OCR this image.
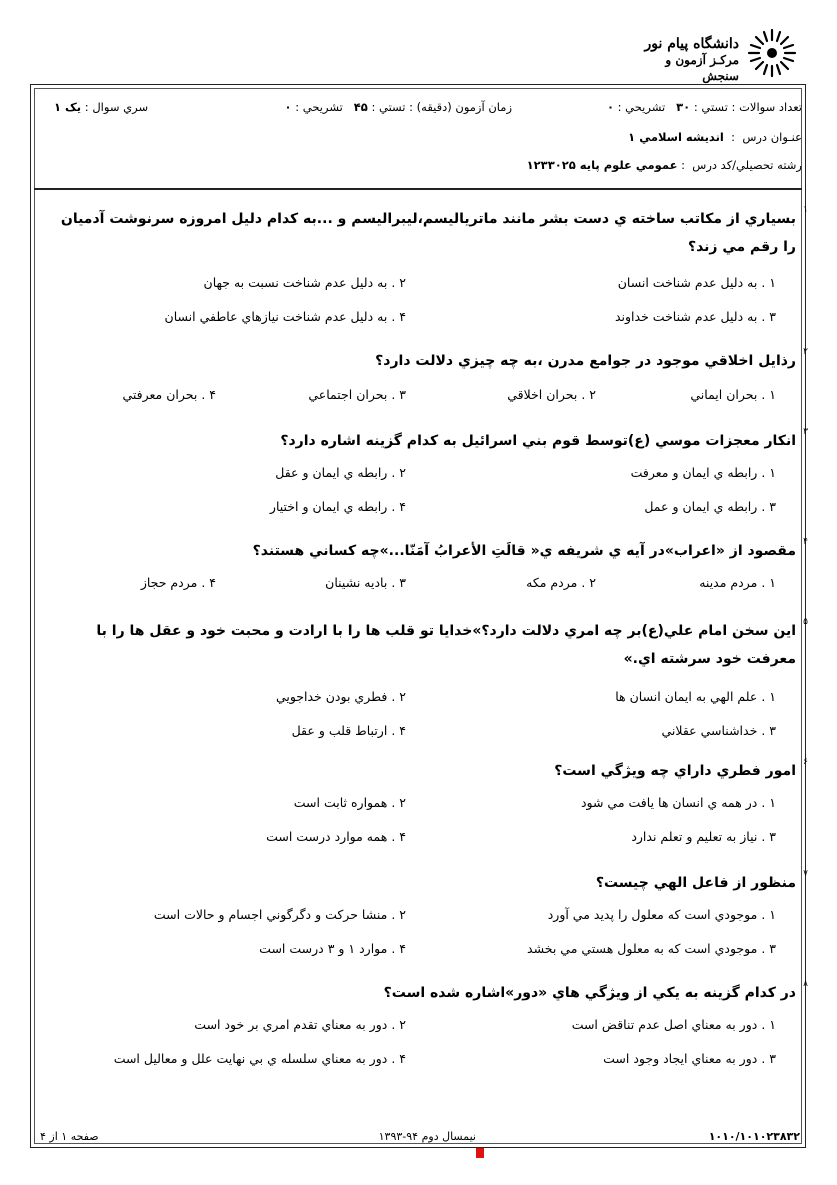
دانشگاه پیام نور
مرکـز آزمون و سنجش
تعداد سوالات : تستي : ۳۰   تشريحي : ۰
زمان آزمون (دقيقه) : تستي : ۴۵   تشريحي : ۰
سري سوال : يک ۱
عنـوان درس  :  انديشه اسلامي ۱
رشته تحصيلي/کد درس  : عمومي علوم پايه ۱۲۳۳۰۲۵
۱
بسياري از مکاتب ساخته ي دست بشر مانند ماترياليسم،ليبراليسم و ...به کدام دليل امروزه سرنوشت آدميان را رقم مي زند؟
۱ .به دليل عدم شناخت انسان
۲ .به دليل عدم شناخت نسبت به جهان
۳ .به دليل عدم شناخت خداوند
۴ .به دليل عدم شناخت نيازهاي عاطفي انسان
۲
رذايل اخلاقي موجود در جوامع مدرن ،به چه چيزي دلالت دارد؟
۱ .بحران ايماني
۲ .بحران اخلاقي
۳ .بحران اجتماعي
۴ .بحران معرفتي
۳
انکار معجزات موسي (ع)توسط قوم بني اسرائيل به کدام گزينه اشاره دارد؟
۱ .رابطه ي ايمان و معرفت
۲ .رابطه ي ايمان و عقل
۳ .رابطه ي ايمان و عمل
۴ .رابطه ي ايمان و اختيار
۴
مقصود از «اعراب»در آيه ي شريفه ي« قالَتِ الأعرابُ آمَنّا...»چه کساني هستند؟
۱ .مردم مدينه
۲ .مردم مکه
۳ .باديه نشينان
۴ .مردم حجاز
۵
اين سخن امام علي(ع)بر چه امري دلالت دارد؟»خدايا تو قلب ها را با ارادت و محبت خود و عقل ها را با معرفت خود سرشته اي.»
۱ .علم الهي به ايمان انسان ها
۲ .فطري بودن خداجويي
۳ .خداشناسي عقلاني
۴ .ارتباط قلب و عقل
۶
امور فطري داراي چه ويژگي است؟
۱ .در همه ي انسان ها يافت مي شود
۲ .همواره ثابت است
۳ .نياز به تعليم و تعلم ندارد
۴ .همه موارد درست است
۷
منظور از فاعل الهي چيست؟
۱ .موجودي است که معلول را پديد مي آورد
۲ .منشا حرکت و دگرگوني اجسام و حالات است
۳ .موجودي است که به معلول هستي مي بخشد
۴ .موارد ۱ و ۳ درست است
۸
در کدام گزينه به يکي از ويژگي هاي «دور»اشاره شده است؟
۱ .دور به معناي اصل عدم تناقض است
۲ .دور به معناي تقدم امري بر خود است
۳ .دور به معناي ايجاد وجود است
۴ .دور به معناي سلسله ي بي نهايت علل و معاليل است
۱۰۱۰/۱۰۱۰۲۳۸۳۲
نيمسال دوم ۹۴-۱۳۹۳
صفحه ۱ از ۴
